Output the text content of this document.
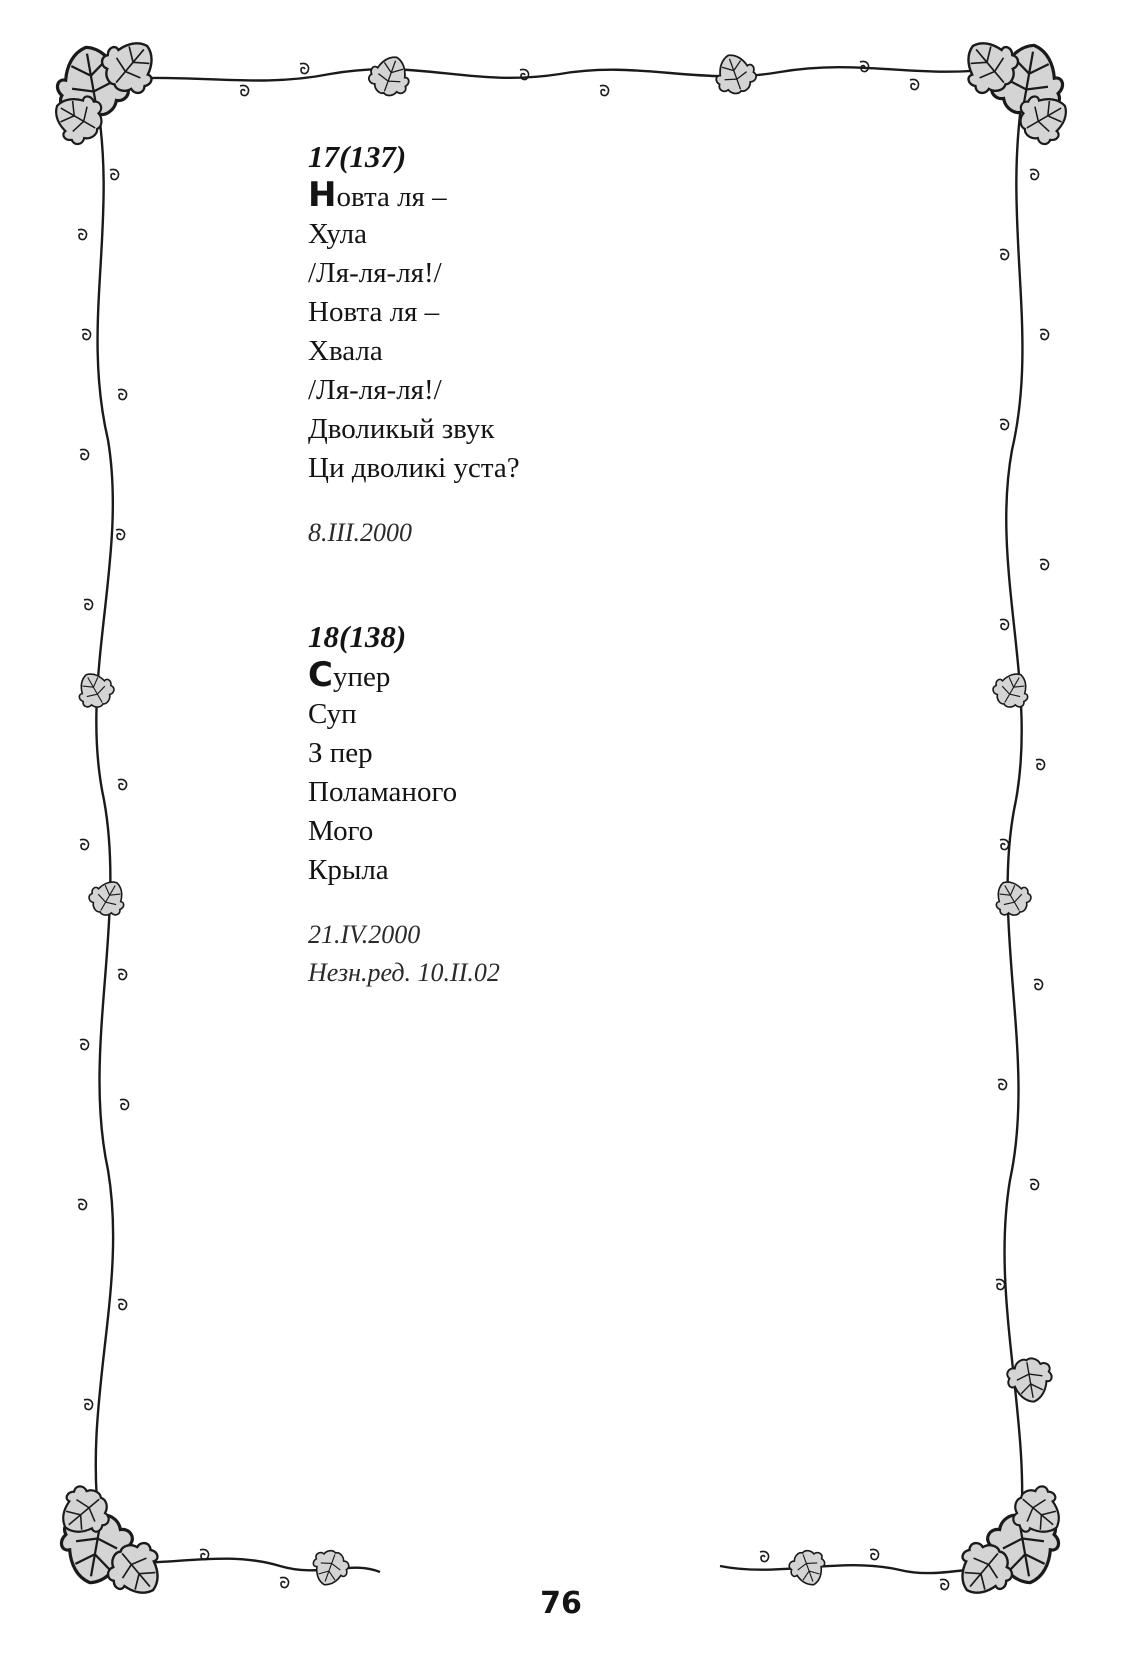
17(137)
Новта ля –
Хула
/Ля-ля-ля!/
Новта ля –
Хвала
/Ля-ля-ля!/
Дволикый звук
Ци дволикі уста?
8.III.2000
18(138)
Супер
Суп
З пер
Поламаного
Мого
Крыла
21.IV.2000
Незн.ред. 10.II.02
76
